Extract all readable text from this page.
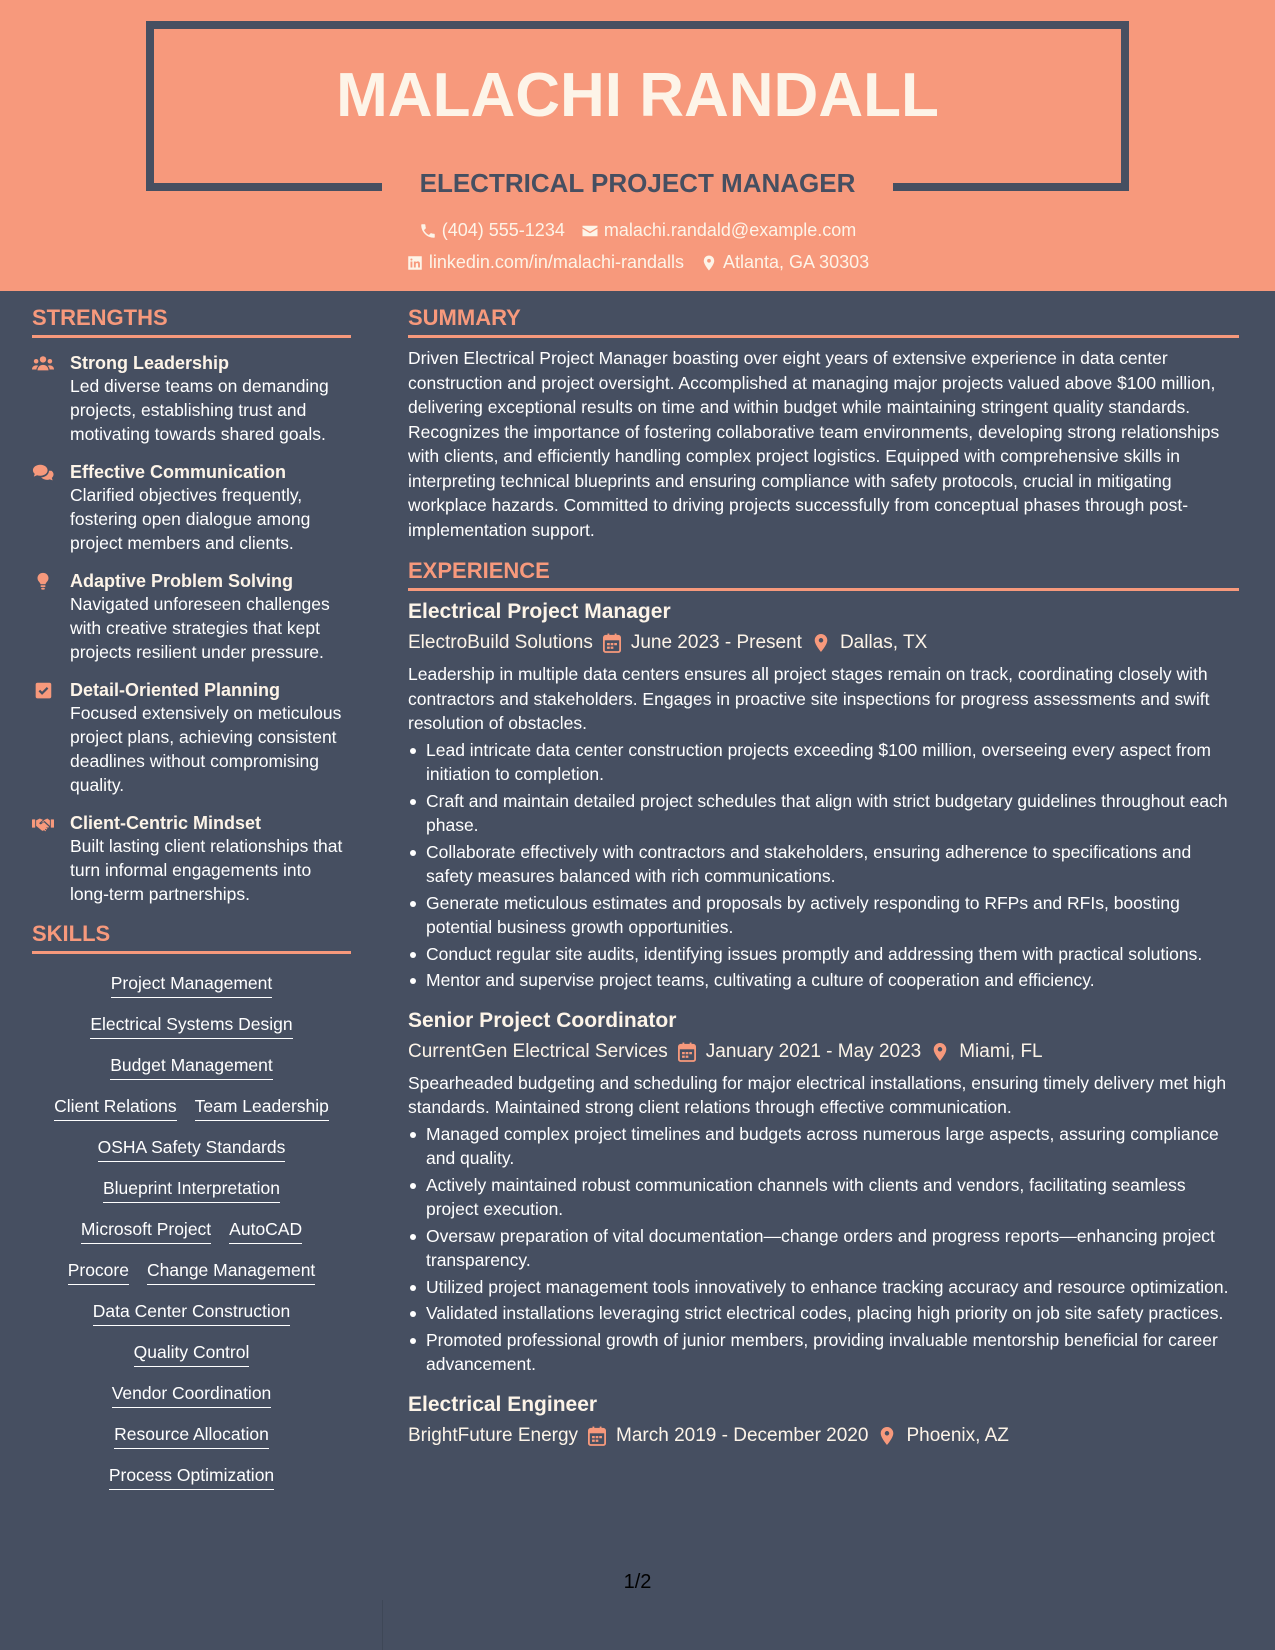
MALACHI RANDALL
ELECTRICAL PROJECT MANAGER
(404) 555-1234 malachi.randald@example.com
linkedin.com/in/malachi-randalls Atlanta, GA 30303
STRENGTHS
Strong Leadership
Led diverse teams on demanding projects, establishing trust and motivating towards shared goals.
Effective Communication
Clarified objectives frequently, fostering open dialogue among project members and clients.
Adaptive Problem Solving
Navigated unforeseen challenges with creative strategies that kept projects resilient under pressure.
Detail-Oriented Planning
Focused extensively on meticulous project plans, achieving consistent deadlines without compromising quality.
Client-Centric Mindset
Built lasting client relationships that turn informal engagements into long-term partnerships.
SKILLS
Project Management
Electrical Systems Design
Budget Management
Client Relations Team Leadership
OSHA Safety Standards
Blueprint Interpretation
Microsoft Project AutoCAD
Procore Change Management
Data Center Construction
Quality Control
Vendor Coordination
Resource Allocation
Process Optimization
SUMMARY
Driven Electrical Project Manager boasting over eight years of extensive experience in data center construction and project oversight. Accomplished at managing major projects valued above $100 million, delivering exceptional results on time and within budget while maintaining stringent quality standards. Recognizes the importance of fostering collaborative team environments, developing strong relationships with clients, and efficiently handling complex project logistics. Equipped with comprehensive skills in interpreting technical blueprints and ensuring compliance with safety protocols, crucial in mitigating workplace hazards. Committed to driving projects successfully from conceptual phases through post-implementation support.
EXPERIENCE
Electrical Project Manager
ElectroBuild Solutions June 2023 - Present Dallas, TX
Leadership in multiple data centers ensures all project stages remain on track, coordinating closely with contractors and stakeholders. Engages in proactive site inspections for progress assessments and swift resolution of obstacles.
Lead intricate data center construction projects exceeding $100 million, overseeing every aspect from initiation to completion.
Craft and maintain detailed project schedules that align with strict budgetary guidelines throughout each phase.
Collaborate effectively with contractors and stakeholders, ensuring adherence to specifications and safety measures balanced with rich communications.
Generate meticulous estimates and proposals by actively responding to RFPs and RFIs, boosting potential business growth opportunities.
Conduct regular site audits, identifying issues promptly and addressing them with practical solutions.
Mentor and supervise project teams, cultivating a culture of cooperation and efficiency.
Senior Project Coordinator
CurrentGen Electrical Services January 2021 - May 2023 Miami, FL
Spearheaded budgeting and scheduling for major electrical installations, ensuring timely delivery met high standards. Maintained strong client relations through effective communication.
Managed complex project timelines and budgets across numerous large aspects, assuring compliance and quality.
Actively maintained robust communication channels with clients and vendors, facilitating seamless project execution.
Oversaw preparation of vital documentation—change orders and progress reports—enhancing project transparency.
Utilized project management tools innovatively to enhance tracking accuracy and resource optimization.
Validated installations leveraging strict electrical codes, placing high priority on job site safety practices.
Promoted professional growth of junior members, providing invaluable mentorship beneficial for career advancement.
Electrical Engineer
BrightFuture Energy March 2019 - December 2020 Phoenix, AZ
1/2
